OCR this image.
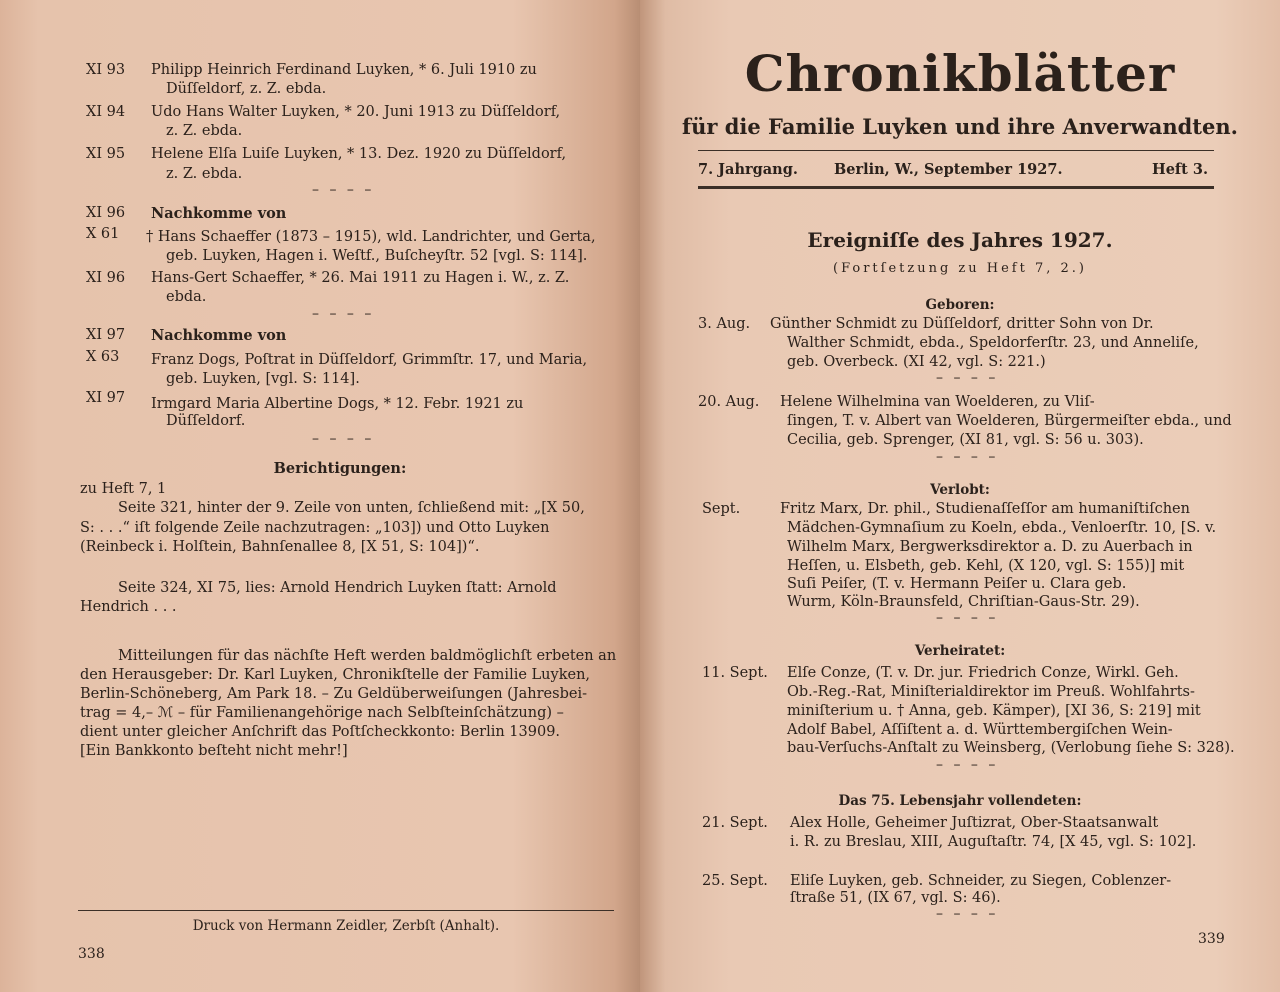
XI 93 Philipp Heinrich Ferdinand Luyken, * 6. Juli 1910 zu
Düſſeldorf, z. Z. ebda.
XI 94 Udo Hans Walter Luyken, * 20. Juni 1913 zu Düſſeldorf,
z. Z. ebda.
XI 95 Helene Elſa Luiſe Luyken, * 13. Dez. 1920 zu Düſſeldorf,
z. Z. ebda.
– – – –
XI 96 Nachkomme von
X 61 † Hans Schaeffer (1873 – 1915), wld. Landrichter, und Gerta,
geb. Luyken, Hagen i. Weſtf., Buſcheyſtr. 52 [vgl. S: 114].
XI 96 Hans-Gert Schaeffer, * 26. Mai 1911 zu Hagen i. W., z. Z.
ebda.
– – – –
XI 97 Nachkomme von
X 63 Franz Dogs, Poſtrat in Düſſeldorf, Grimmſtr. 17, und Maria,
geb. Luyken, [vgl. S: 114].
XI 97 Irmgard Maria Albertine Dogs, * 12. Febr. 1921 zu
Düſſeldorf.
– – – –
Berichtigungen:
zu Heft 7, 1
Seite 321, hinter der 9. Zeile von unten, ſchließend mit: „[X 50,
S: . . .“ iſt folgende Zeile nachzutragen: „103]) und Otto Luyken
(Reinbeck i. Holſtein, Bahnſenallee 8, [X 51, S: 104])“.
Seite 324, XI 75, lies: Arnold Hendrich Luyken ſtatt: Arnold
Hendrich . . .
Mitteilungen für das nächſte Heft werden baldmöglichſt erbeten an
den Herausgeber: Dr. Karl Luyken, Chronikſtelle der Familie Luyken,
Berlin-Schöneberg, Am Park 18. – Zu Geldüberweiſungen (Jahresbei-
trag = 4,– ℳ – für Familienangehörige nach Selbſteinſchätzung) –
dient unter gleicher Anſchrift das Poſtſcheckkonto: Berlin 13909.
[Ein Bankkonto beſteht nicht mehr!]
Druck von Hermann Zeidler, Zerbſt (Anhalt).
338
Chronikblätter
für die Familie Luyken und ihre Anverwandten.
7. Jahrgang. Berlin, W., September 1927.	Heft 3.
Ereigniſſe des Jahres 1927.
(Fortſetzung zu Heft 7, 2.)
Geboren:
3. Aug. Günther Schmidt zu Düſſeldorf, dritter Sohn von Dr.
Walther Schmidt, ebda., Speldorferſtr. 23, und Anneliſe,
geb. Overbeck. (XI 42, vgl. S: 221.)
– – – –
20. Aug. Helene Wilhelmina van Woelderen, zu Vliſ-
ſingen, T. v. Albert van Woelderen, Bürgermeiſter ebda., und
Cecilia, geb. Sprenger, (XI 81, vgl. S: 56 u. 303).
– – – –
Verlobt:
Sept.	Fritz Marx, Dr. phil., Studienaſſeſſor am humaniſtiſchen
Mädchen-Gymnaſium zu Koeln, ebda., Venloerſtr. 10, [S. v.
Wilhelm Marx, Bergwerksdirektor a. D. zu Auerbach in
Heſſen, u. Elsbeth, geb. Kehl, (X 120, vgl. S: 155)] mit
Suſi Peiſer, (T. v. Hermann Peiſer u. Clara geb.
Wurm, Köln-Braunsfeld, Chriſtian-Gaus-Str. 29).
– – – –
Verheiratet:
11. Sept. Elſe Conze, (T. v. Dr. jur. Friedrich Conze, Wirkl. Geh.
Ob.-Reg.-Rat, Miniſterialdirektor im Preuß. Wohlfahrts-
miniſterium u. † Anna, geb. Kämper), [XI 36, S: 219] mit
Adolf Babel, Aſſiſtent a. d. Württembergiſchen Wein-
bau-Verſuchs-Anſtalt zu Weinsberg, (Verlobung ſiehe S: 328).
– – – –
Das 75. Lebensjahr vollendeten:
21. Sept. Alex Holle, Geheimer Juſtizrat, Ober-Staatsanwalt
i. R. zu Breslau, XIII, Auguſtaſtr. 74, [X 45, vgl. S: 102].
25. Sept. Eliſe Luyken, geb. Schneider, zu Siegen, Coblenzer-
ſtraße 51, (IX 67, vgl. S: 46).
– – – –
339
